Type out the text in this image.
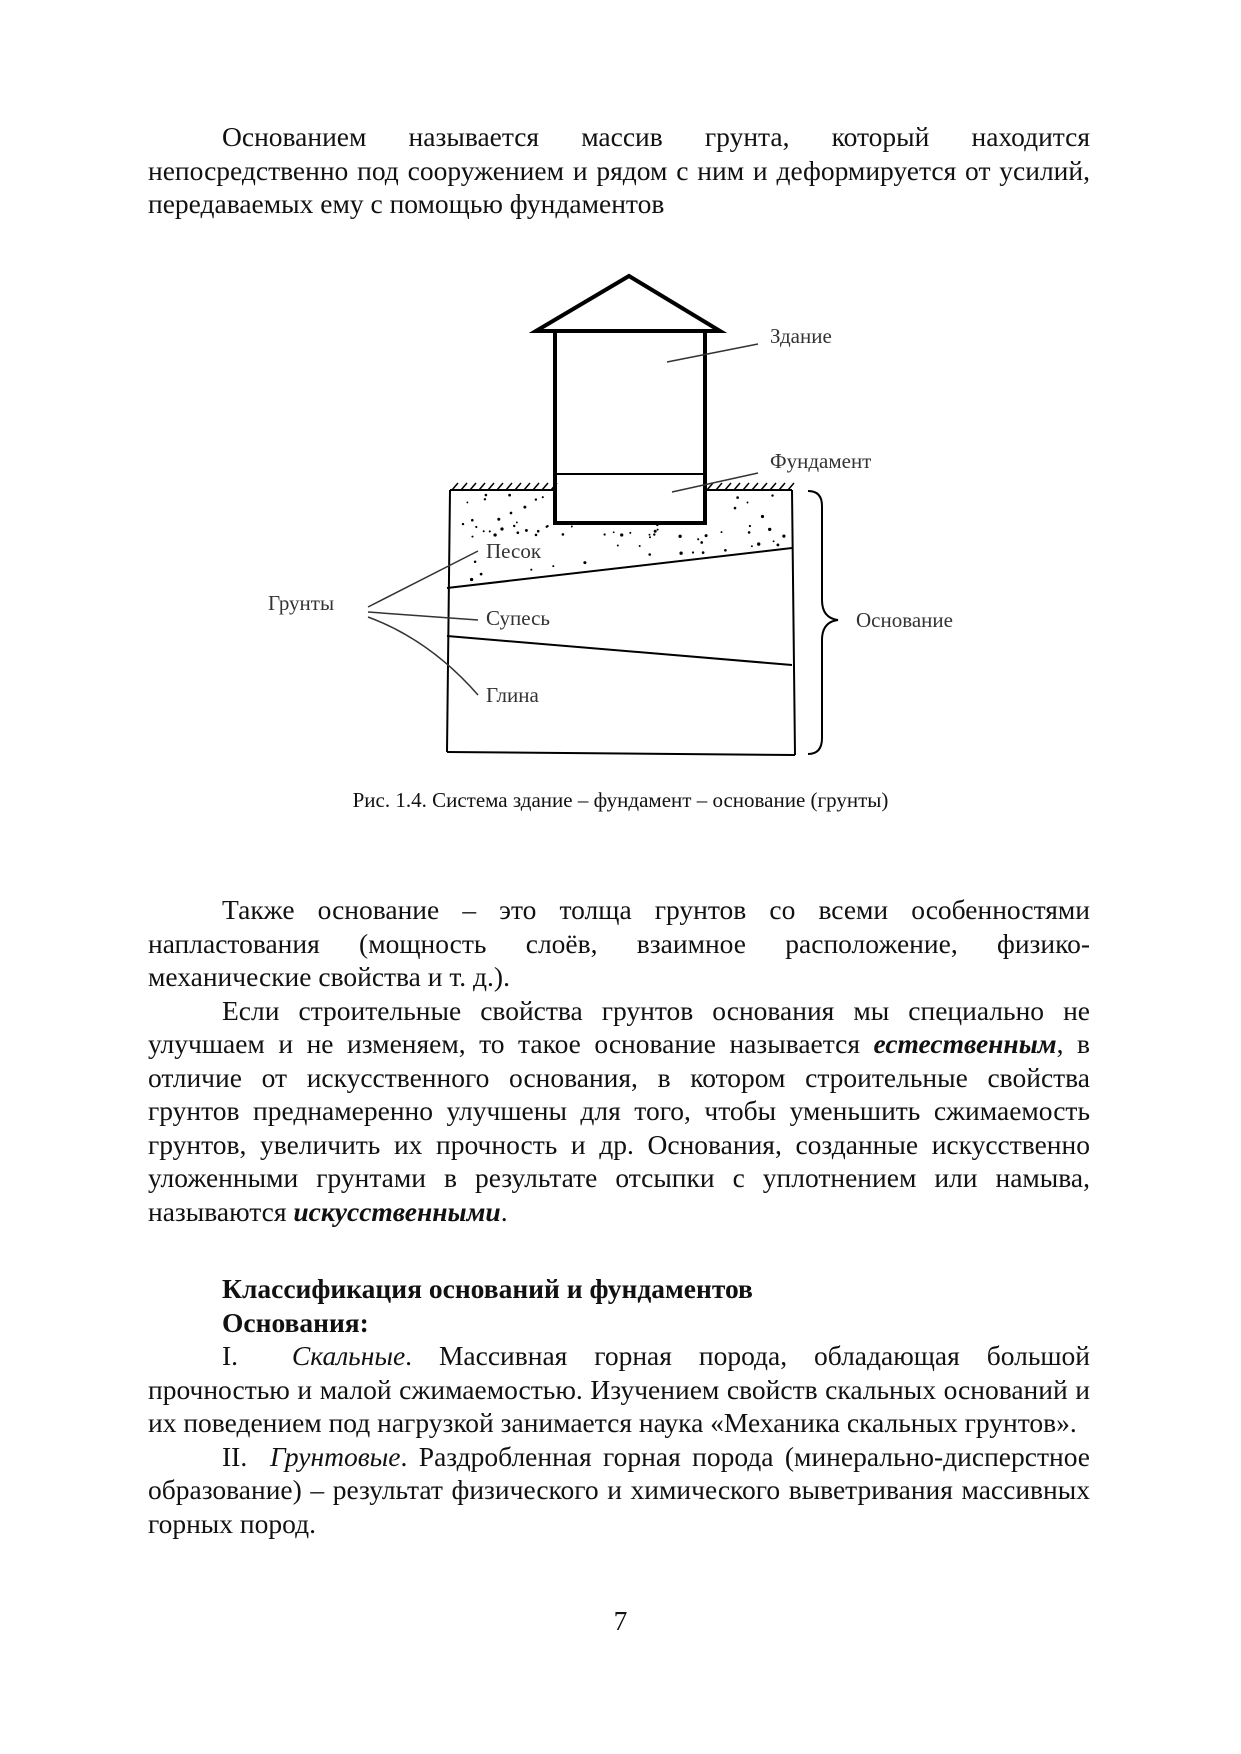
Основанием называется массив грунта, который находится непосредственно под сооружением и рядом с ним и деформируется от усилий, передаваемых ему с помощью фундаментов

Здание
Фундамент
Грунты
Песок
Супесь
Глина
Основание
Рис. 1.4. Система здание – фундамент – основание (грунты)

Также основание – это толща грунтов со всеми особенностями напластования (мощность слоёв, взаимное расположение, физико-механические свойства и т. д.).

Если строительные свойства грунтов основания мы специально не улучшаем и не изменяем, то такое основание называется естественным, в отличие от искусственного основания, в котором строительные свойства грунтов преднамеренно улучшены для того, чтобы уменьшить сжимаемость грунтов, увеличить их прочность и др. Основания, созданные искусственно уложенными грунтами в результате отсыпки с уплотнением или намыва, называются искусственными.

Классификация оснований и фундаментов

Основания:

I. Скальные. Массивная горная порода, обладающая большой прочностью и малой сжимаемостью. Изучением свойств скальных оснований и их поведением под нагрузкой занимается наука «Механика скальных грунтов».

II. Грунтовые. Раздробленная горная порода (минерально-дисперстное образование) – результат физического и химического выветривания массивных горных пород.

7
